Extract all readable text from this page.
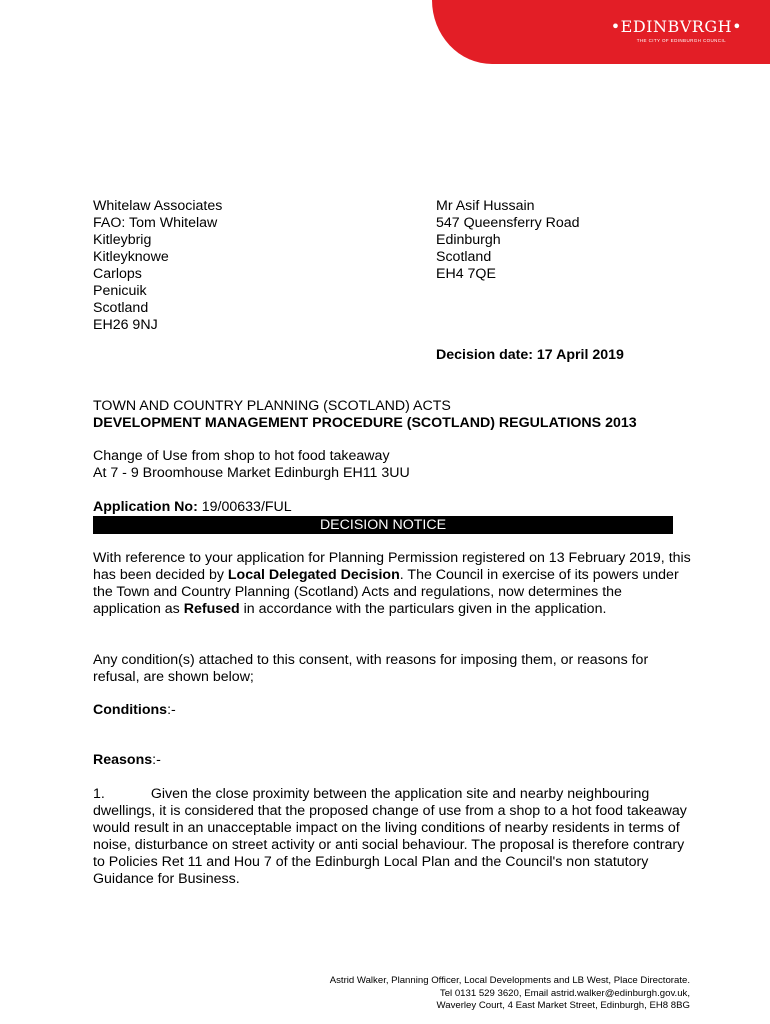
•EDINBVRGH•
THE CITY OF EDINBURGH COUNCIL
Whitelaw Associates
FAO: Tom Whitelaw
Kitleybrig
Kitleyknowe
Carlops
Penicuik
Scotland
EH26 9NJ
Mr Asif Hussain
547 Queensferry Road
Edinburgh
Scotland
EH4 7QE
Decision date: 17 April 2019
TOWN AND COUNTRY PLANNING (SCOTLAND) ACTS
DEVELOPMENT MANAGEMENT PROCEDURE (SCOTLAND) REGULATIONS 2013
Change of Use from shop to hot food takeaway
At 7 - 9 Broomhouse Market Edinburgh EH11 3UU
Application No: 19/00633/FUL
DECISION NOTICE
With reference to your application for Planning Permission registered on 13 February 2019, this has been decided by Local Delegated Decision. The Council in exercise of its powers under the Town and Country Planning (Scotland) Acts and regulations, now determines the application as Refused in accordance with the particulars given in the application.
Any condition(s) attached to this consent, with reasons for imposing them, or reasons for refusal, are shown below;
Conditions:-
Reasons:-
1.	Given the close proximity between the application site and nearby neighbouring dwellings, it is considered that the proposed change of use from a shop to a hot food takeaway would result in an unacceptable impact on the living conditions of nearby residents in terms of noise, disturbance on street activity or anti social behaviour. The proposal is therefore contrary to Policies Ret 11 and Hou 7 of the Edinburgh Local Plan and the Council's non statutory Guidance for Business.
Astrid Walker, Planning Officer, Local Developments and LB West, Place Directorate.
Tel 0131 529 3620, Email astrid.walker@edinburgh.gov.uk,
Waverley Court, 4 East Market Street, Edinburgh, EH8 8BG
